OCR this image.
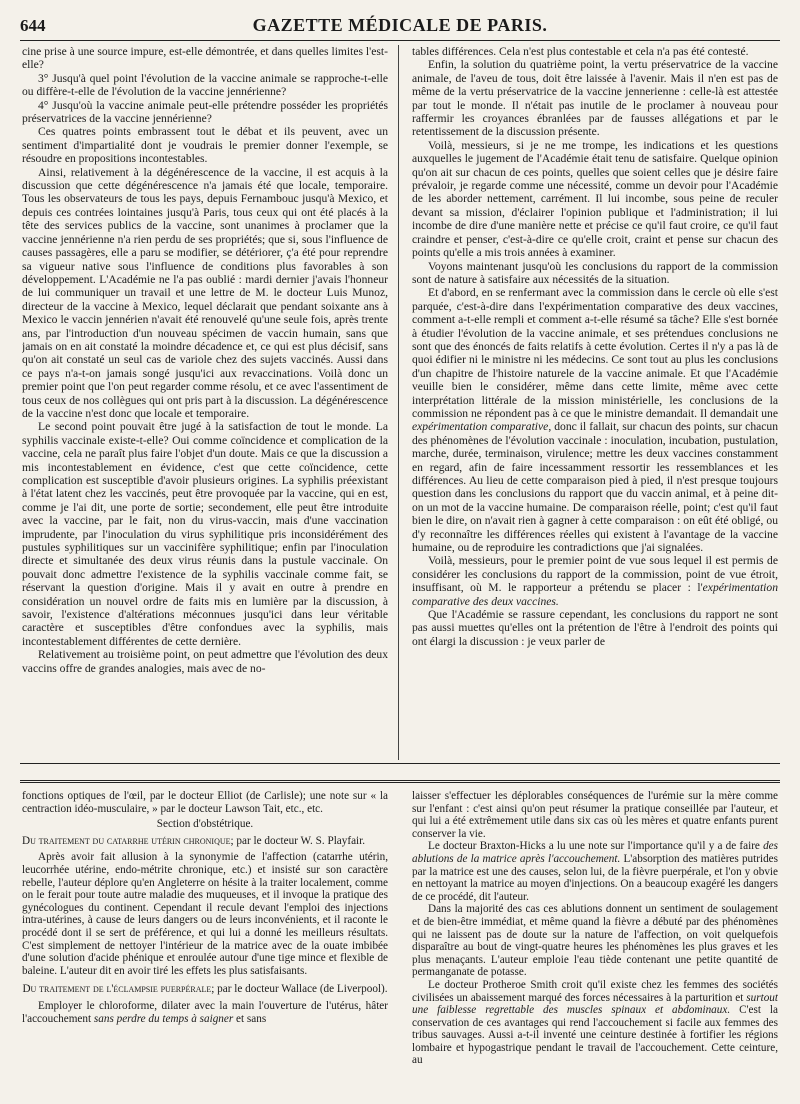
644	GAZETTE MÉDICALE DE PARIS.

cine prise à une source impure, est-elle démontrée, et dans quelles limites l'est-elle?

3° Jusqu'à quel point l'évolution de la vaccine animale se rapproche-t-elle ou diffère-t-elle de l'évolution de la vaccine jennérienne?

4° Jusqu'où la vaccine animale peut-elle prétendre posséder les propriétés préservatrices de la vaccine jennérienne?

Ces quatres points embrassent tout le débat et ils peuvent, avec un sentiment d'impartialité dont je voudrais le premier donner l'exemple, se résoudre en propositions incontestables.

Ainsi, relativement à la dégénérescence de la vaccine, il est acquis à la discussion que cette dégénérescence n'a jamais été que locale, temporaire. Tous les observateurs de tous les pays, depuis Fernambouc jusqu'à Mexico, et depuis ces contrées lointaines jusqu'à Paris, tous ceux qui ont été placés à la tête des services publics de la vaccine, sont unanimes à proclamer que la vaccine jennérienne n'a rien perdu de ses propriétés; que si, sous l'influence de causes passagères, elle a paru se modifier, se détériorer, ç'a été pour reprendre sa vigueur native sous l'influence de conditions plus favorables à son développement. L'Académie ne l'a pas oublié : mardi dernier j'avais l'honneur de lui communiquer un travail et une lettre de M. le docteur Luis Munoz, directeur de la vaccine à Mexico, lequel déclarait que pendant soixante ans à Mexico le vaccin jennérien n'avait été renouvelé qu'une seule fois, après trente ans, par l'introduction d'un nouveau spécimen de vaccin humain, sans que jamais on en ait constaté la moindre décadence et, ce qui est plus décisif, sans qu'on ait constaté un seul cas de variole chez des sujets vaccinés. Aussi dans ce pays n'a-t-on jamais songé jusqu'ici aux revaccinations. Voilà donc un premier point que l'on peut regarder comme résolu, et ce avec l'assentiment de tous ceux de nos collègues qui ont pris part à la discussion. La dégénérescence de la vaccine n'est donc que locale et temporaire.

Le second point pouvait être jugé à la satisfaction de tout le monde. La syphilis vaccinale existe-t-elle? Oui comme coïncidence et complication de la vaccine, cela ne paraît plus faire l'objet d'un doute. Mais ce que la discussion a mis incontestablement en évidence, c'est que cette coïncidence, cette complication est susceptible d'avoir plusieurs origines. La syphilis préexistant à l'état latent chez les vaccinés, peut être provoquée par la vaccine, qui en est, comme je l'ai dit, une porte de sortie; secondement, elle peut être introduite avec la vaccine, par le fait, non du virus-vaccin, mais d'une vaccination imprudente, par l'inoculation du virus syphilitique pris inconsidérément des pustules syphilitiques sur un vaccinifère syphilitique; enfin par l'inoculation directe et simultanée des deux virus réunis dans la pustule vaccinale. On pouvait donc admettre l'existence de la syphilis vaccinale comme fait, se réservant la question d'origine. Mais il y avait en outre à prendre en considération un nouvel ordre de faits mis en lumière par la discussion, à savoir, l'existence d'altérations méconnues jusqu'ici dans leur véritable caractère et susceptibles d'être confondues avec la syphilis, mais incontestablement différentes de cette dernière.

Relativement au troisième point, on peut admettre que l'évolution des deux vaccins offre de grandes analogies, mais avec de no-

tables différences. Cela n'est plus contestable et cela n'a pas été contesté.

Enfin, la solution du quatrième point, la vertu préservatrice de la vaccine animale, de l'aveu de tous, doit être laissée à l'avenir. Mais il n'en est pas de même de la vertu préservatrice de la vaccine jennerienne : celle-là est attestée par tout le monde. Il n'était pas inutile de le proclamer à nouveau pour raffermir les croyances ébranlées par de fausses allégations et par le retentissement de la discussion présente.

Voilà, messieurs, si je ne me trompe, les indications et les questions auxquelles le jugement de l'Académie était tenu de satisfaire. Quelque opinion qu'on ait sur chacun de ces points, quelles que soient celles que je désire faire prévaloir, je regarde comme une nécessité, comme un devoir pour l'Académie de les aborder nettement, carrément. Il lui incombe, sous peine de reculer devant sa mission, d'éclairer l'opinion publique et l'administration; il lui incombe de dire d'une manière nette et précise ce qu'il faut croire, ce qu'il faut craindre et penser, c'est-à-dire ce qu'elle croit, craint et pense sur chacun des points qu'elle a mis trois années à examiner.

Voyons maintenant jusqu'où les conclusions du rapport de la commission sont de nature à satisfaire aux nécessités de la situation.

Et d'abord, en se renfermant avec la commission dans le cercle où elle s'est parquée, c'est-à-dire dans l'expérimentation comparative des deux vaccines, comment a-t-elle rempli et comment a-t-elle résumé sa tâche? Elle s'est bornée à étudier l'évolution de la vaccine animale, et ses prétendues conclusions ne sont que des énoncés de faits relatifs à cette évolution. Certes il n'y a pas là de quoi édifier ni le ministre ni les médecins. Ce sont tout au plus les conclusions d'un chapitre de l'histoire naturele de la vaccine animale. Et que l'Académie veuille bien le considérer, même dans cette limite, même avec cette interprétation littérale de la mission ministérielle, les conclusions de la commission ne répondent pas à ce que le ministre demandait. Il demandait une expérimentation comparative, donc il fallait, sur chacun des points, sur chacun des phénomènes de l'évolution vaccinale : inoculation, incubation, pustulation, marche, durée, terminaison, virulence; mettre les deux vaccines constamment en regard, afin de faire incessamment ressortir les ressemblances et les différences. Au lieu de cette comparaison pied à pied, il n'est presque toujours question dans les conclusions du rapport que du vaccin animal, et à peine dit-on un mot de la vaccine humaine. De comparaison réelle, point; c'est qu'il faut bien le dire, on n'avait rien à gagner à cette comparaison : on eût été obligé, ou d'y reconnaître les différences réelles qui existent à l'avantage de la vaccine humaine, ou de reproduire les contradictions que j'ai signalées.

Voilà, messieurs, pour le premier point de vue sous lequel il est permis de considérer les conclusions du rapport de la commission, point de vue étroit, insuffisant, où M. le rapporteur a prétendu se placer : l'expérimentation comparative des deux vaccines.

Que l'Académie se rassure cependant, les conclusions du rapport ne sont pas aussi muettes qu'elles ont la prétention de l'être à l'endroit des points qui ont élargi la discussion : je veux parler de

fonctions optiques de l'œil, par le docteur Elliot (de Carlisle); une note sur « la centraction idéo-musculaire, » par le docteur Lawson Tait, etc., etc.

Section d'obstétrique.

Du traitement du catarrhe utérin chronique; par le docteur W. S. Playfair.

Après avoir fait allusion à la synonymie de l'affection (catarrhe utérin, leucorrhée utérine, endo-métrite chronique, etc.) et insisté sur son caractère rebelle, l'auteur déplore qu'en Angleterre on hésite à la traiter localement, comme on le ferait pour toute autre maladie des muqueuses, et il invoque la pratique des gynécologues du continent. Cependant il recule devant l'emploi des injections intra-utérines, à cause de leurs dangers ou de leurs inconvénients, et il raconte le procédé dont il se sert de préférence, et qui lui a donné les meilleurs résultats. C'est simplement de nettoyer l'intérieur de la matrice avec de la ouate imbibée d'une solution d'acide phénique et enroulée autour d'une tige mince et flexible de baleine. L'auteur dit en avoir tiré les effets les plus satisfaisants.

Du traitement de l'éclampsie puerpérale; par le docteur Wallace (de Liverpool).

Employer le chloroforme, dilater avec la main l'ouverture de l'utérus, hâter l'accouchement sans perdre du temps à saigner et sans

laisser s'effectuer les déplorables conséquences de l'urémie sur la mère comme sur l'enfant : c'est ainsi qu'on peut résumer la pratique conseillée par l'auteur, et qui lui a été extrêmement utile dans six cas où les mères et quatre enfants purent conserver la vie.

Le docteur Braxton-Hicks a lu une note sur l'importance qu'il y a de faire des ablutions de la matrice après l'accouchement. L'absorption des matières putrides par la matrice est une des causes, selon lui, de la fièvre puerpérale, et l'on y obvie en nettoyant la matrice au moyen d'injections. On a beaucoup exagéré les dangers de ce procédé, dit l'auteur.

Dans la majorité des cas ces ablutions donnent un sentiment de soulagement et de bien-être immédiat, et même quand la fièvre a débuté par des phénomènes qui ne laissent pas de doute sur la nature de l'affection, on voit quelquefois disparaître au bout de vingt-quatre heures les phénomènes les plus graves et les plus menaçants. L'auteur emploie l'eau tiède contenant une petite quantité de permanganate de potasse.

Le docteur Protheroe Smith croit qu'il existe chez les femmes des sociétés civilisées un abaissement marqué des forces nécessaires à la parturition et surtout une faiblesse regrettable des muscles spinaux et abdominaux. C'est la conservation de ces avantages qui rend l'accouchement si facile aux femmes des tribus sauvages. Aussi a-t-il inventé une ceinture destinée à fortifier les régions lombaire et hypogastrique pendant le travail de l'accouchement. Cette ceinture, au
